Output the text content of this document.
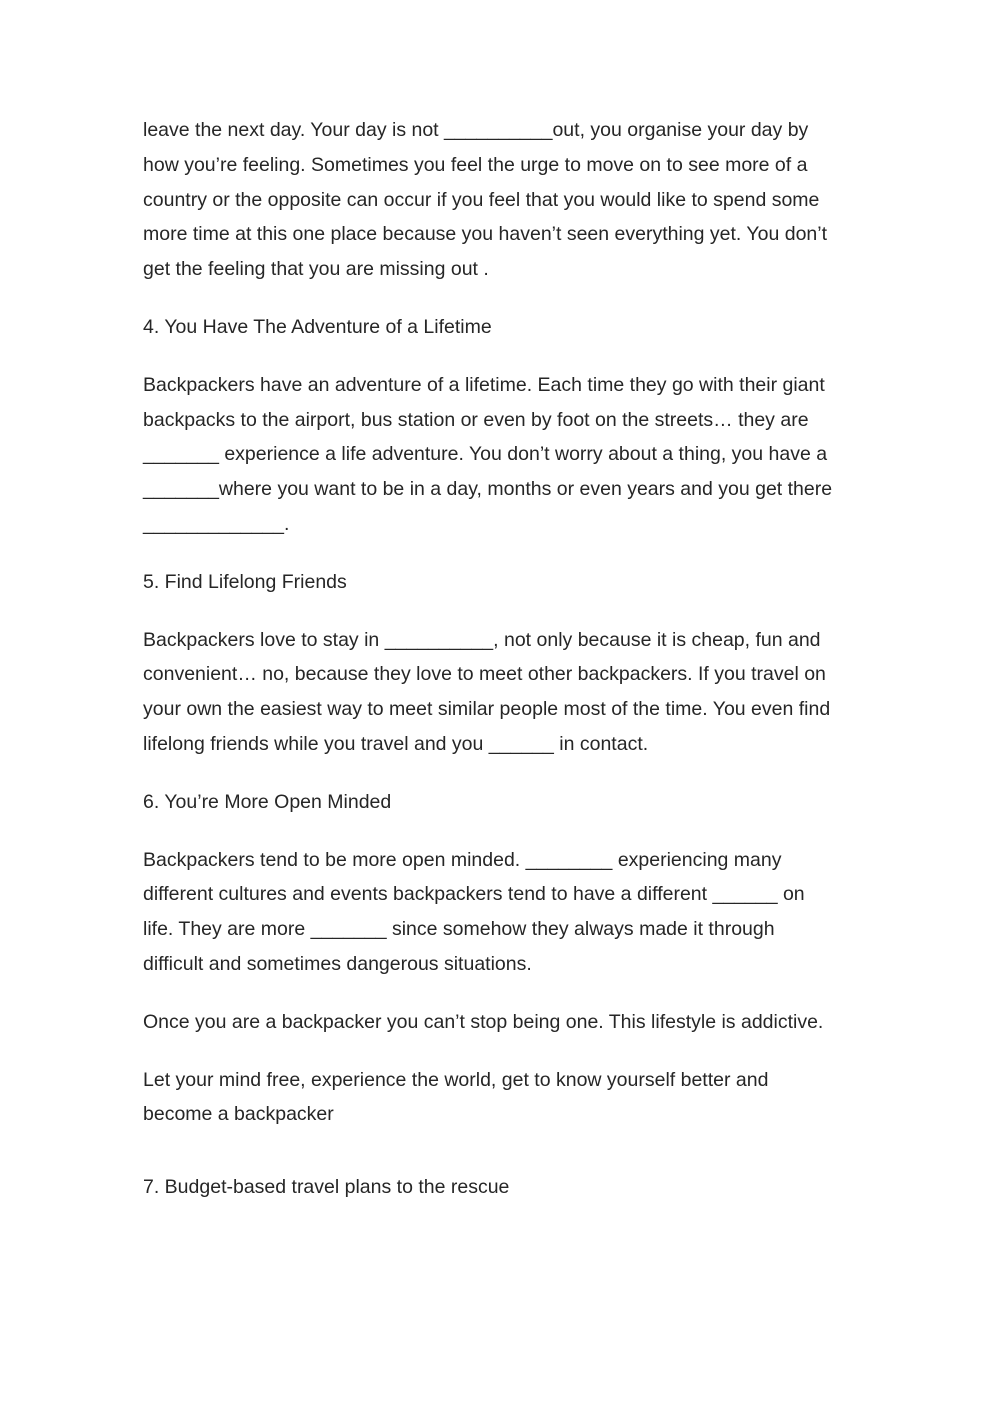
leave the next day. Your day is not __________out, you organise your day by
how you’re feeling. Sometimes you feel the urge to move on to see more of a
country or the opposite can occur if you feel that you would like to spend some
more time at this one place because you haven’t seen everything yet. You don’t
get the feeling that you are missing out .
4. You Have The Adventure of a Lifetime
Backpackers have an adventure of a lifetime. Each time they go with their giant
backpacks to the airport, bus station or even by foot on the streets… they are
_______ experience a life adventure. You don’t worry about a thing, you have a
_______where you want to be in a day, months or even years and you get there
_____________.
5. Find Lifelong Friends
Backpackers love to stay in __________, not only because it is cheap, fun and
convenient… no, because they love to meet other backpackers. If you travel on
your own the easiest way to meet similar people most of the time. You even find
lifelong friends while you travel and you ______ in contact.
6. You’re More Open Minded
Backpackers tend to be more open minded. ________ experiencing many
different cultures and events backpackers tend to have a different ______ on
life. They are more _______ since somehow they always made it through
difficult and sometimes dangerous situations.
Once you are a backpacker you can’t stop being one. This lifestyle is addictive.
Let your mind free, experience the world, get to know yourself better and
become a backpacker
7. Budget-based travel plans to the rescue
